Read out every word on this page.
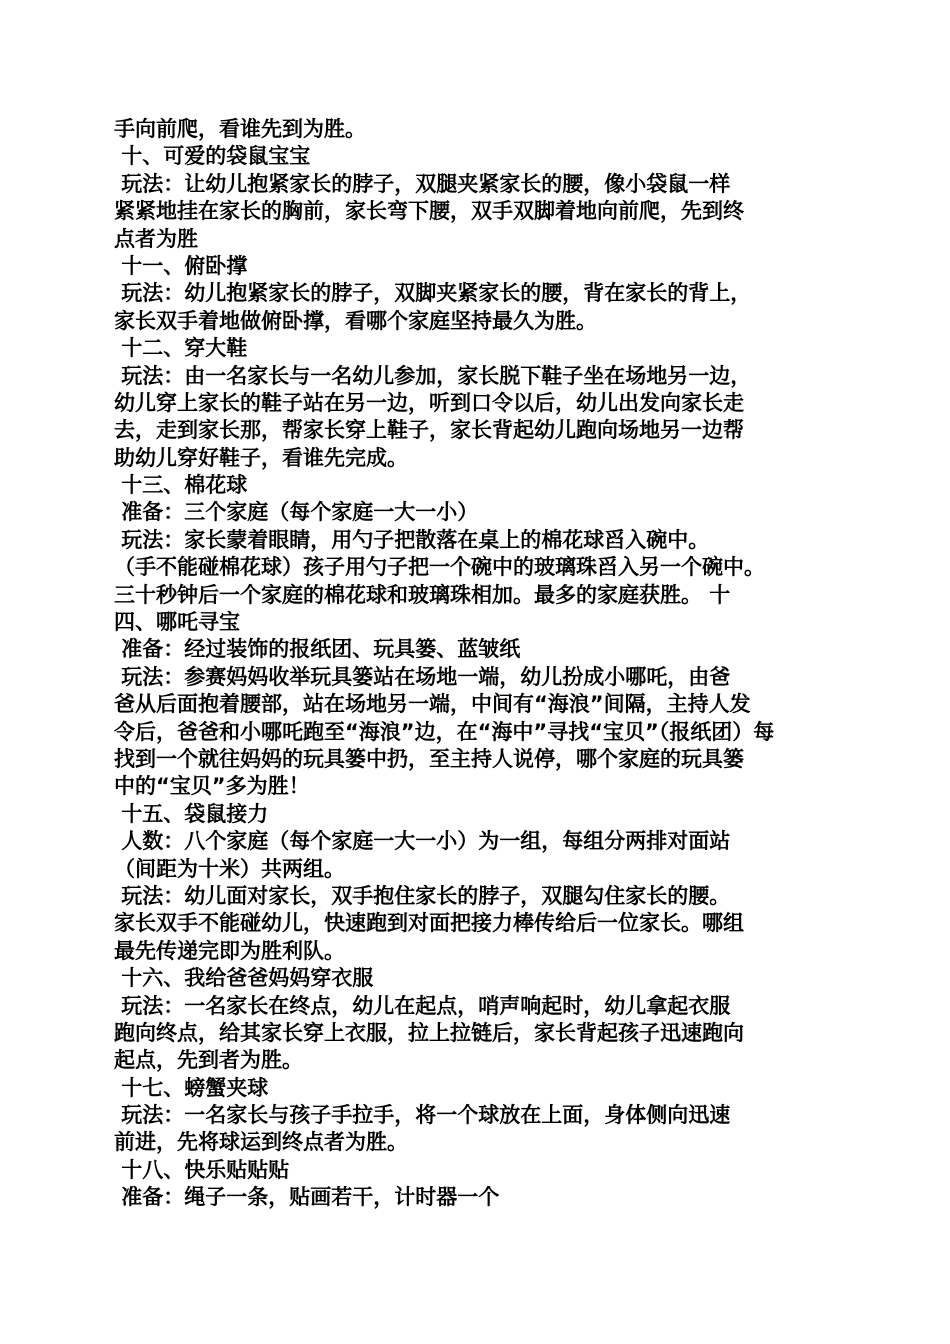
手向前爬，看谁先到为胜。
十、可爱的袋鼠宝宝
玩法：让幼儿抱紧家长的脖子，双腿夹紧家长的腰，像小袋鼠一样
紧紧地挂在家长的胸前，家长弯下腰，双手双脚着地向前爬，先到终
点者为胜
十一、俯卧撑
玩法：幼儿抱紧家长的脖子，双脚夹紧家长的腰，背在家长的背上，
家长双手着地做俯卧撑，看哪个家庭坚持最久为胜。
十二、穿大鞋
玩法：由一名家长与一名幼儿参加，家长脱下鞋子坐在场地另一边，
幼儿穿上家长的鞋子站在另一边，听到口令以后，幼儿出发向家长走
去，走到家长那，帮家长穿上鞋子，家长背起幼儿跑向场地另一边帮
助幼儿穿好鞋子，看谁先完成。
十三、棉花球
准备：三个家庭（每个家庭一大一小）
玩法：家长蒙着眼睛，用勺子把散落在桌上的棉花球舀入碗中。
（手不能碰棉花球）孩子用勺子把一个碗中的玻璃珠舀入另一个碗中。
三十秒钟后一个家庭的棉花球和玻璃珠相加。最多的家庭获胜。 十
四、哪吒寻宝
准备：经过装饰的报纸团、玩具篓、蓝皱纸
玩法：参赛妈妈收举玩具篓站在场地一端，幼儿扮成小哪吒，由爸
爸从后面抱着腰部，站在场地另一端，中间有“海浪”间隔，主持人发
令后，爸爸和小哪吒跑至“海浪”边，在“海中”寻找“宝贝”（报纸团）每
找到一个就往妈妈的玩具篓中扔，至主持人说停，哪个家庭的玩具篓
中的“宝贝”多为胜！
十五、袋鼠接力
人数：八个家庭（每个家庭一大一小）为一组，每组分两排对面站
（间距为十米）共两组。
玩法：幼儿面对家长，双手抱住家长的脖子，双腿勾住家长的腰。
家长双手不能碰幼儿，快速跑到对面把接力棒传给后一位家长。哪组
最先传递完即为胜利队。
十六、我给爸爸妈妈穿衣服
玩法：一名家长在终点，幼儿在起点，哨声响起时，幼儿拿起衣服
跑向终点，给其家长穿上衣服，拉上拉链后，家长背起孩子迅速跑向
起点，先到者为胜。
十七、螃蟹夹球
玩法：一名家长与孩子手拉手，将一个球放在上面，身体侧向迅速
前进，先将球运到终点者为胜。
十八、快乐贴贴贴
准备：绳子一条，贴画若干，计时器一个
